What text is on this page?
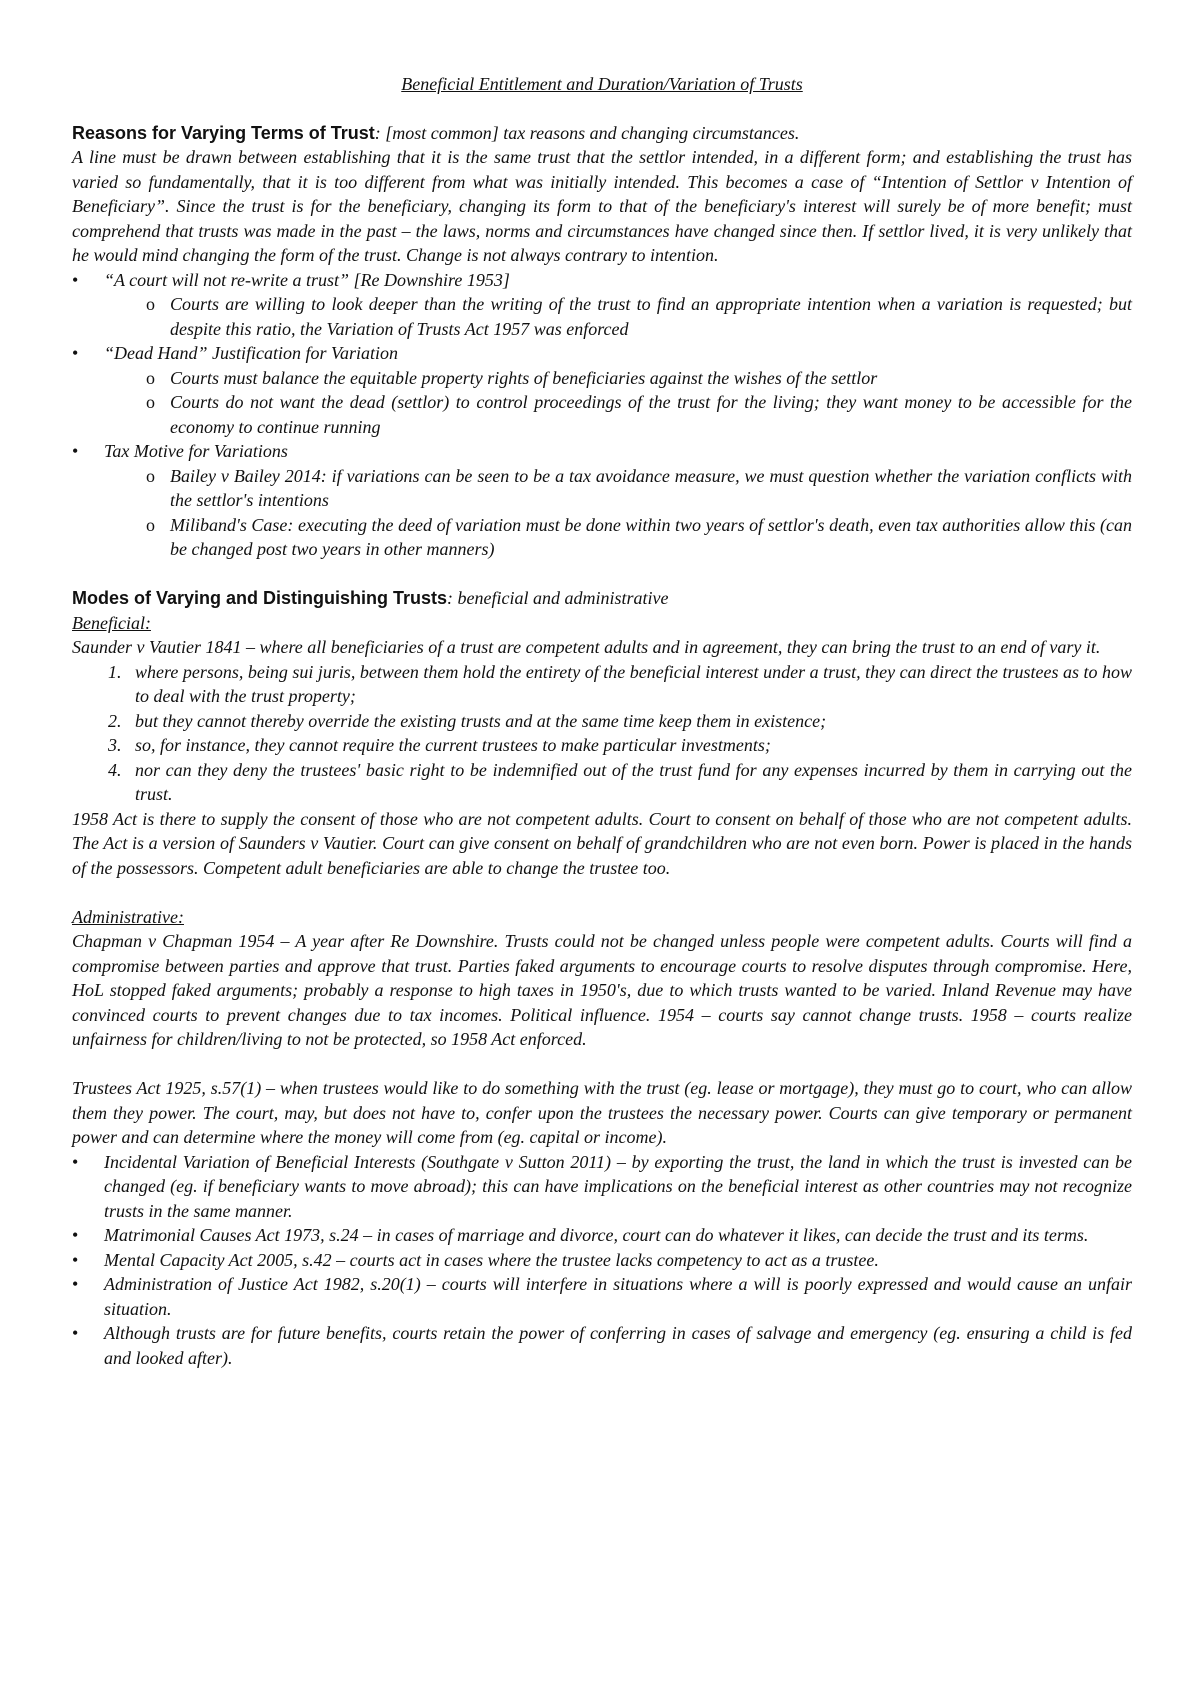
Beneficial Entitlement and Duration/Variation of Trusts

Reasons for Varying Terms of Trust: [most common] tax reasons and changing circumstances.

A line must be drawn between establishing that it is the same trust that the settlor intended, in a different form; and establishing the trust has varied so fundamentally, that it is too different from what was initially intended. This becomes a case of “Intention of Settlor v Intention of Beneficiary”. Since the trust is for the beneficiary, changing its form to that of the beneficiary's interest will surely be of more benefit; must comprehend that trusts was made in the past – the laws, norms and circumstances have changed since then. If settlor lived, it is very unlikely that he would mind changing the form of the trust. Change is not always contrary to intention.

• “A court will not re-write a trust” [Re Downshire 1953]
o Courts are willing to look deeper than the writing of the trust to find an appropriate intention when a variation is requested; but despite this ratio, the Variation of Trusts Act 1957 was enforced
• “Dead Hand” Justification for Variation
o Courts must balance the equitable property rights of beneficiaries against the wishes of the settlor
o Courts do not want the dead (settlor) to control proceedings of the trust for the living; they want money to be accessible for the economy to continue running
• Tax Motive for Variations
o Bailey v Bailey 2014: if variations can be seen to be a tax avoidance measure, we must question whether the variation conflicts with the settlor's intentions
o Miliband's Case: executing the deed of variation must be done within two years of settlor's death, even tax authorities allow this (can be changed post two years in other manners)

Modes of Varying and Distinguishing Trusts: beneficial and administrative

Beneficial:

Saunder v Vautier 1841 – where all beneficiaries of a trust are competent adults and in agreement, they can bring the trust to an end of vary it.

1. where persons, being sui juris, between them hold the entirety of the beneficial interest under a trust, they can direct the trustees as to how to deal with the trust property;
2. but they cannot thereby override the existing trusts and at the same time keep them in existence;
3. so, for instance, they cannot require the current trustees to make particular investments;
4. nor can they deny the trustees' basic right to be indemnified out of the trust fund for any expenses incurred by them in carrying out the trust.

1958 Act is there to supply the consent of those who are not competent adults. Court to consent on behalf of those who are not competent adults. The Act is a version of Saunders v Vautier. Court can give consent on behalf of grandchildren who are not even born. Power is placed in the hands of the possessors. Competent adult beneficiaries are able to change the trustee too.

Administrative:

Chapman v Chapman 1954 – A year after Re Downshire. Trusts could not be changed unless people were competent adults. Courts will find a compromise between parties and approve that trust. Parties faked arguments to encourage courts to resolve disputes through compromise. Here, HoL stopped faked arguments; probably a response to high taxes in 1950's, due to which trusts wanted to be varied. Inland Revenue may have convinced courts to prevent changes due to tax incomes. Political influence. 1954 – courts say cannot change trusts. 1958 – courts realize unfairness for children/living to not be protected, so 1958 Act enforced.

Trustees Act 1925, s.57(1) – when trustees would like to do something with the trust (eg. lease or mortgage), they must go to court, who can allow them they power. The court, may, but does not have to, confer upon the trustees the necessary power. Courts can give temporary or permanent power and can determine where the money will come from (eg. capital or income).

• Incidental Variation of Beneficial Interests (Southgate v Sutton 2011) – by exporting the trust, the land in which the trust is invested can be changed (eg. if beneficiary wants to move abroad); this can have implications on the beneficial interest as other countries may not recognize trusts in the same manner.
• Matrimonial Causes Act 1973, s.24 – in cases of marriage and divorce, court can do whatever it likes, can decide the trust and its terms.
• Mental Capacity Act 2005, s.42 – courts act in cases where the trustee lacks competency to act as a trustee.
• Administration of Justice Act 1982, s.20(1) – courts will interfere in situations where a will is poorly expressed and would cause an unfair situation.
• Although trusts are for future benefits, courts retain the power of conferring in cases of salvage and emergency (eg. ensuring a child is fed and looked after).
